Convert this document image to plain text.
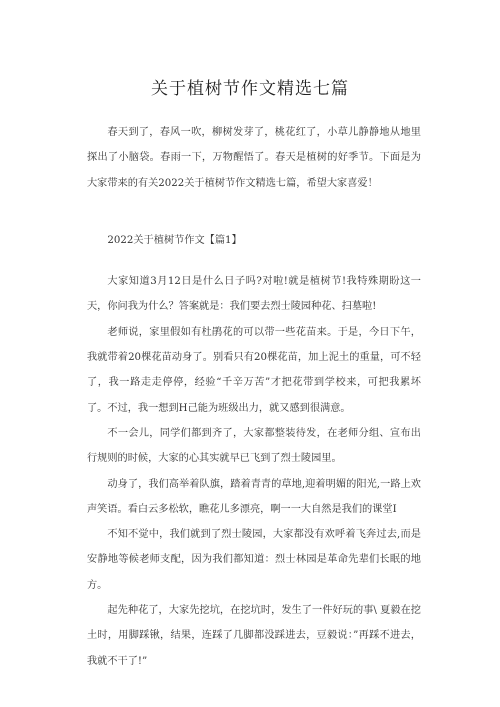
关于植树节作文精选七篇

春天到了，春风一吹，柳树发芽了，桃花红了，小草儿静静地从地里探出了小脑袋。春雨一下，万物醒悟了。春天是植树的好季节。下面是为大家带来的有关2022关于植树节作文精选七篇，希望大家喜爱！

2022关于植树节作文【篇1】

大家知道3月12日是什么日子吗?对啦!就是植树节!我特殊期盼这一天，你问我为什么？答案就是：我们要去烈士陵园种花、扫墓啦!

老师说，家里假如有杜鹃花的可以带一些花苗来。于是，今日下午，我就带着20棵花苗动身了。别看只有20棵花苗，加上泥土的重量，可不轻了，我一路走走停停，经验“千辛万苦”才把花带到学校来，可把我累坏了。不过，我一想到H己能为班级出力，就又感到很满意。

不一会儿，同学们都到齐了，大家都整装待发，在老师分组、宣布出行规则的时候，大家的心其实就早已飞到了烈士陵园里。

动身了，我们高举着队旗，踏着青青的草地,迎着明媚的阳光,一路上欢声笑语。看白云多松软，瞧花儿多漂亮，啊一一大自然是我们的课堂I

不知不觉中，我们就到了烈士陵园，大家都没有欢呼着飞奔过去,而是安静地等候老师支配，因为我们都知道：烈士林园是革命先辈们长眠的地方。

起先种花了，大家先挖坑，在挖坑时，发生了一件好玩的事\ 夏毅在挖土时，用脚踩锹，结果，连踩了几脚都没踩进去，豆毅说：”再踩不进去，我就不干了!”
